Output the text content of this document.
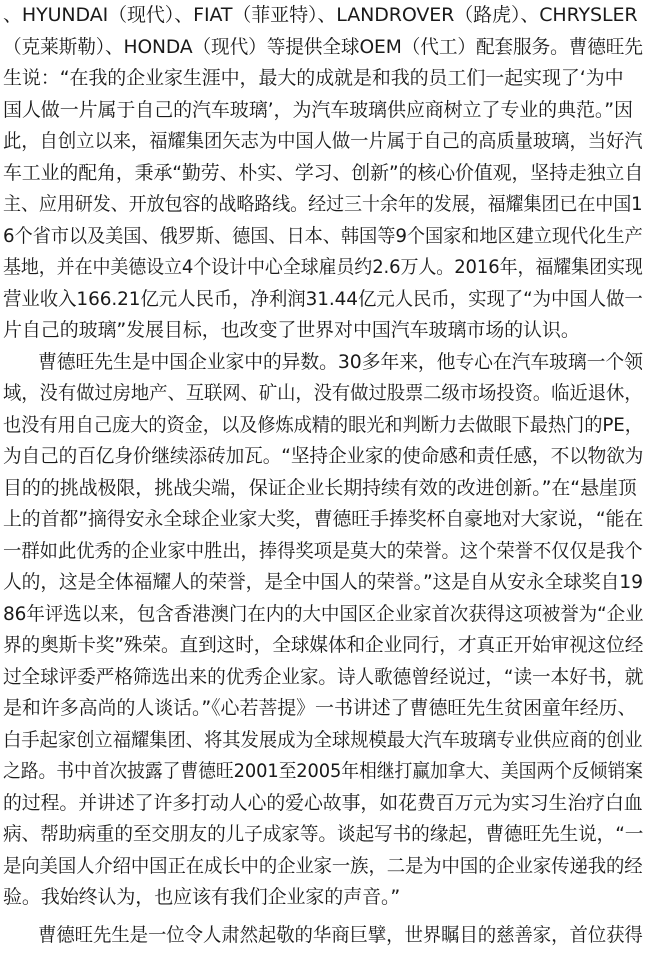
、HYUNDAI（现代）、FIAT（菲亚特）、LANDROVER（路虎）、CHRYSLER
（克莱斯勒）、HONDA（现代）等提供全球OEM（代工）配套服务。曹德旺先
生说：“在我的企业家生涯中，最大的成就是和我的员工们一起实现了‘为中
国人做一片属于自己的汽车玻璃’，为汽车玻璃供应商树立了专业的典范。”因
此，自创立以来，福耀集团矢志为中国人做一片属于自己的高质量玻璃，当好汽
车工业的配角，秉承“勤劳、朴实、学习、创新”的核心价值观，坚持走独立自
主、应用研发、开放包容的战略路线。经过三十余年的发展，福耀集团已在中国1
6个省市以及美国、俄罗斯、德国、日本、韩国等9个国家和地区建立现代化生产
基地，并在中美德设立4个设计中心全球雇员约2.6万人。2016年，福耀集团实现
营业收入166.21亿元人民币，净利润31.44亿元人民币，实现了“为中国人做一
片自己的玻璃”发展目标，也改变了世界对中国汽车玻璃市场的认识。
曹德旺先生是中国企业家中的异数。30多年来，他专心在汽车玻璃一个领
域，没有做过房地产、互联网、矿山，没有做过股票二级市场投资。临近退休，
也没有用自己庞大的资金，以及修炼成精的眼光和判断力去做眼下最热门的PE，
为自己的百亿身价继续添砖加瓦。“坚持企业家的使命感和责任感，不以物欲为
目的的挑战极限，挑战尖端，保证企业长期持续有效的改进创新。”在“悬崖顶
上的首都”摘得安永全球企业家大奖，曹德旺手捧奖杯自豪地对大家说，“能在
一群如此优秀的企业家中胜出，捧得奖项是莫大的荣誉。这个荣誉不仅仅是我个
人的，这是全体福耀人的荣誉，是全中国人的荣誉。”这是自从安永全球奖自19
86年评选以来，包含香港澳门在内的大中国区企业家首次获得这项被誉为“企业
界的奥斯卡奖”殊荣。直到这时，全球媒体和企业同行，才真正开始审视这位经
过全球评委严格筛选出来的优秀企业家。诗人歌德曾经说过，“读一本好书，就
是和许多高尚的人谈话。”《心若菩提》一书讲述了曹德旺先生贫困童年经历、
白手起家创立福耀集团、将其发展成为全球规模最大汽车玻璃专业供应商的创业
之路。书中首次披露了曹德旺2001至2005年相继打赢加拿大、美国两个反倾销案
的过程。并讲述了许多打动人心的爱心故事，如花费百万元为实习生治疗白血
病、帮助病重的至交朋友的儿子成家等。谈起写书的缘起，曹德旺先生说，“一
是向美国人介绍中国正在成长中的企业家一族，二是为中国的企业家传递我的经
验。我始终认为，也应该有我们企业家的声音。”
曹德旺先生是一位令人肃然起敬的华商巨擘，世界瞩目的慈善家，首位获得
